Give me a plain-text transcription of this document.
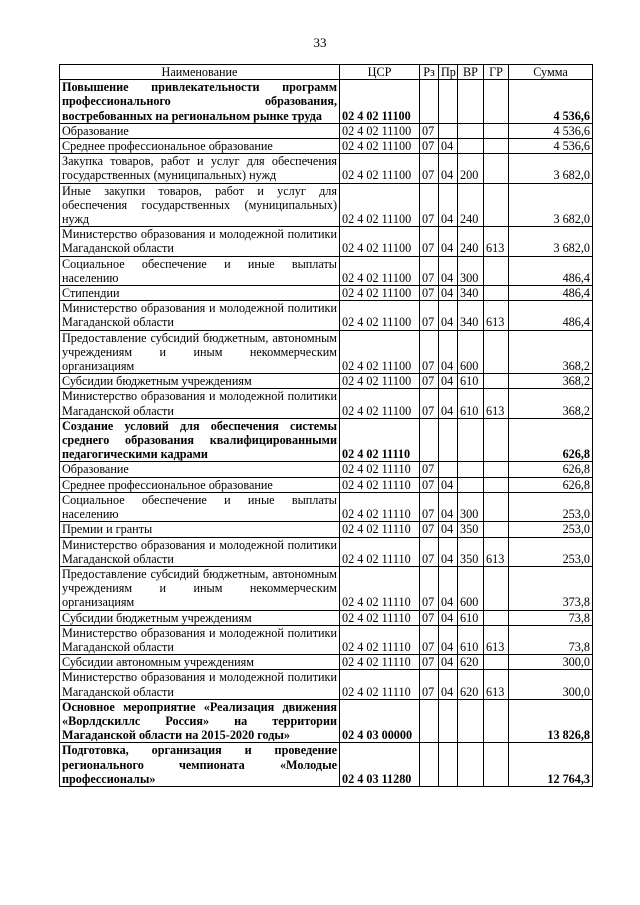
33
Наименование	ЦСР	Рз	Пр	ВР	ГР	Сумма
Повышение привлекательности программ профессионального образования, востребованных на региональном рынке труда	02 4 02 11100					4 536,6
Образование	02 4 02 11100	07				4 536,6
Среднее профессиональное образование	02 4 02 11100	07	04			4 536,6
Закупка товаров, работ и услуг для обеспечения государственных (муниципальных) нужд	02 4 02 11100	07	04	200		3 682,0
Иные закупки товаров, работ и услуг для обеспечения государственных (муниципальных) нужд	02 4 02 11100	07	04	240		3 682,0
Министерство образования и молодежной политики Магаданской области	02 4 02 11100	07	04	240	613	3 682,0
Социальное обеспечение и иные выплаты населению	02 4 02 11100	07	04	300		486,4
Стипендии	02 4 02 11100	07	04	340		486,4
Министерство образования и молодежной политики Магаданской области	02 4 02 11100	07	04	340	613	486,4
Предоставление субсидий бюджетным, автономным учреждениям и иным некоммерческим организациям	02 4 02 11100	07	04	600		368,2
Субсидии бюджетным учреждениям	02 4 02 11100	07	04	610		368,2
Министерство образования и молодежной политики Магаданской области	02 4 02 11100	07	04	610	613	368,2
Создание условий для обеспечения системы среднего образования квалифицированными педагогическими кадрами	02 4 02 11110					626,8
Образование	02 4 02 11110	07				626,8
Среднее профессиональное образование	02 4 02 11110	07	04			626,8
Социальное обеспечение и иные выплаты населению	02 4 02 11110	07	04	300		253,0
Премии и гранты	02 4 02 11110	07	04	350		253,0
Министерство образования и молодежной политики Магаданской области	02 4 02 11110	07	04	350	613	253,0
Предоставление субсидий бюджетным, автономным учреждениям и иным некоммерческим организациям	02 4 02 11110	07	04	600		373,8
Субсидии бюджетным учреждениям	02 4 02 11110	07	04	610		73,8
Министерство образования и молодежной политики Магаданской области	02 4 02 11110	07	04	610	613	73,8
Субсидии автономным учреждениям	02 4 02 11110	07	04	620		300,0
Министерство образования и молодежной политики Магаданской области	02 4 02 11110	07	04	620	613	300,0
Основное мероприятие «Реализация движения «Ворлдскиллс Россия» на территории Магаданской области на 2015-2020 годы»	02 4 03 00000					13 826,8
Подготовка, организация и проведение регионального чемпионата «Молодые профессионалы»	02 4 03 11280					12 764,3
